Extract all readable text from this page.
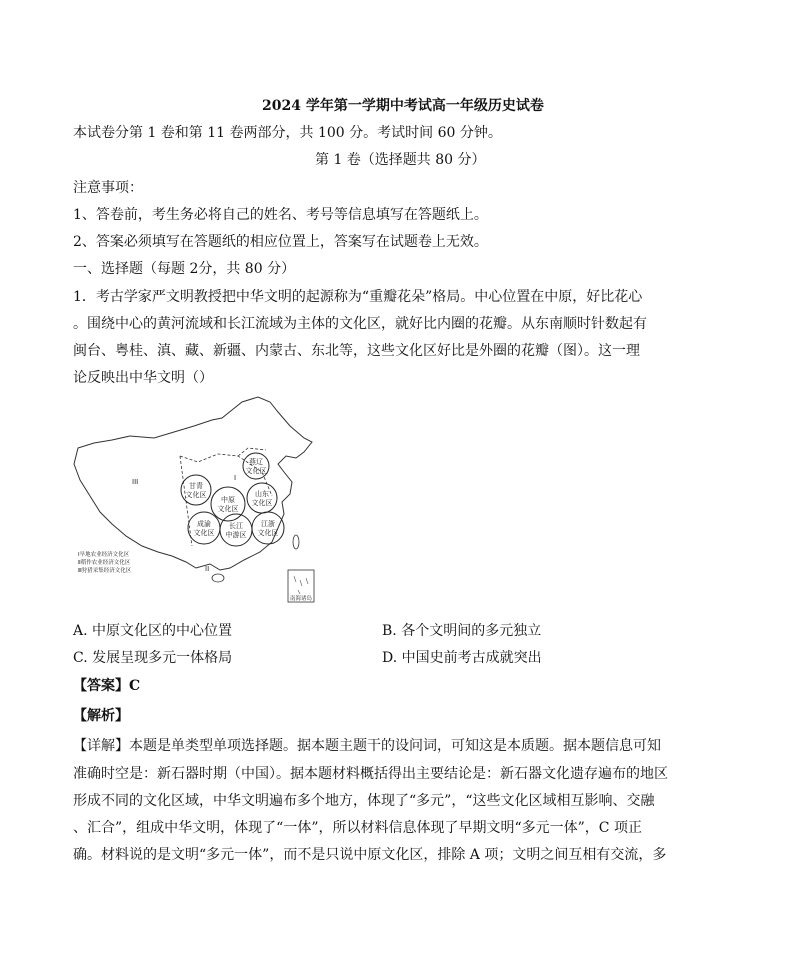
2024 学年第一学期中考试高一年级历史试卷
本试卷分第 1 卷和第 11 卷两部分，共 100 分。考试时间 60 分钟。
第 1 卷（选择题共 80 分）
注意事项：
1、答卷前，考生务必将自己的姓名、考号等信息填写在答题纸上。
2、答案必须填写在答题纸的相应位置上，答案写在试题卷上无效。
一、选择题（每题 2分，共 80 分）
1．考古学家严文明教授把中华文明的起源称为“重瓣花朵”格局。中心位置在中原，好比花心
。围绕中心的黄河流域和长江流域为主体的文化区，就好比内圈的花瓣。从东南顺时针数起有
闽台、粤桂、滇、藏、新疆、内蒙古、东北等，这些文化区好比是外圈的花瓣（图）。这一理
论反映出中华文明（）
甘青
文化区
中原
文化区
山东
文化区
燕辽
文化区
成渝
文化区
长江
中游区
江浙
文化区
III	I
II
Ⅰ旱地农业经济文化区
Ⅱ稻作农业经济文化区
Ⅲ狩猎采集经济文化区
南海诸岛
A. 中原文化区的中心位置	B. 各个文明间的多元独立
C. 发展呈现多元一体格局	D. 中国史前考古成就突出
【答案】C
【解析】
【详解】本题是单类型单项选择题。据本题主题干的设问词，可知这是本质题。据本题信息可知
准确时空是：新石器时期（中国）。据本题材料概括得出主要结论是：新石器文化遗存遍布的地区
形成不同的文化区域，中华文明遍布多个地方，体现了“多元”，“这些文化区域相互影响、交融
、汇合”，组成中华文明，体现了“一体”，所以材料信息体现了早期文明“多元一体”，C 项正
确。材料说的是文明“多元一体”，而不是只说中原文化区，排除 A 项；文明之间互相有交流，多
